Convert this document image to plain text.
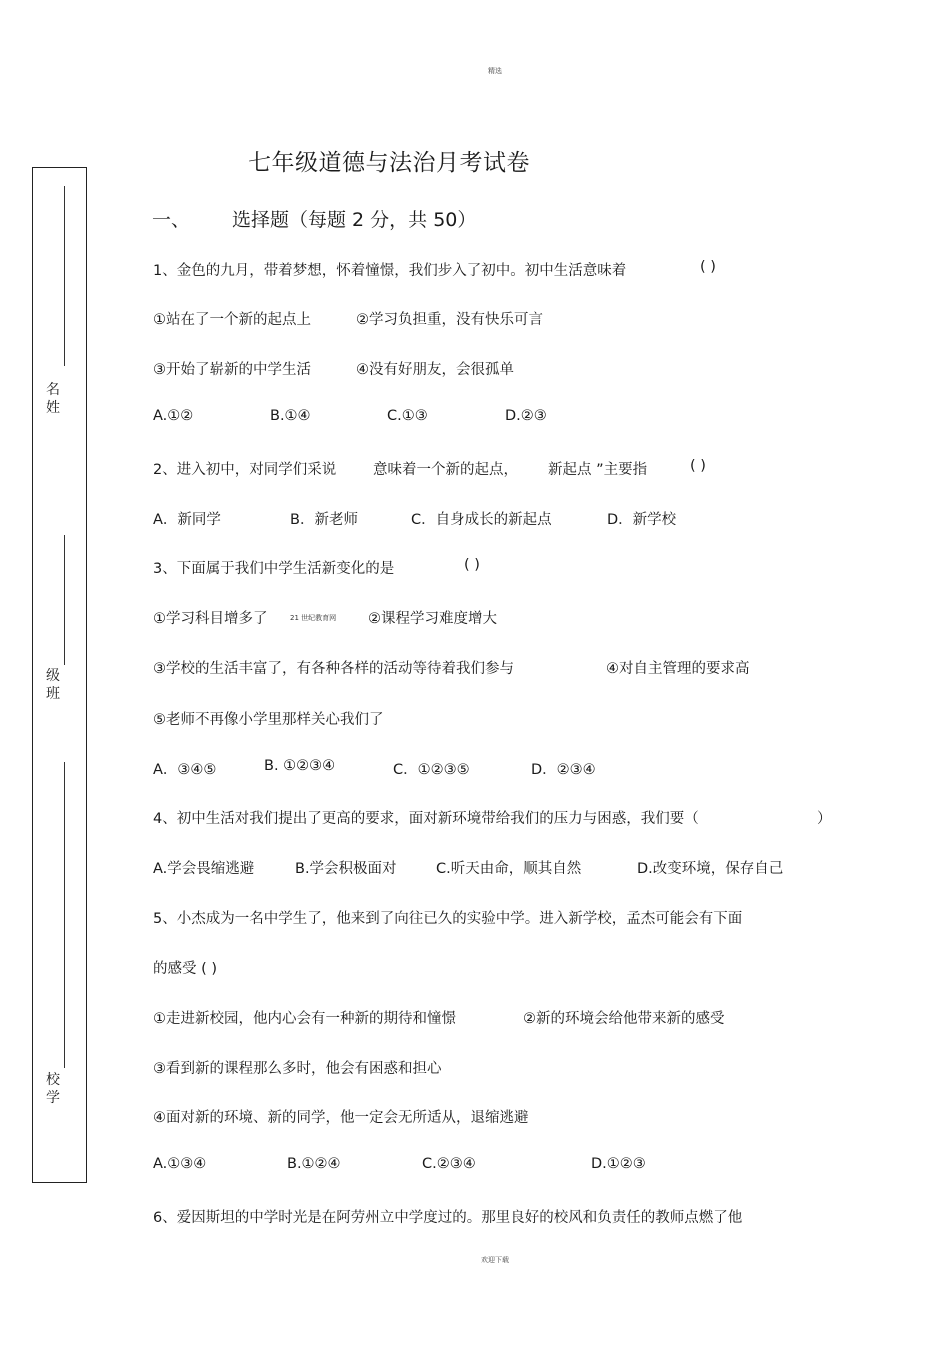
精选
欢迎下载
名
姓
级
班
校
学
七年级道德与法治月考试卷
一、 选择题（每题 2 分，共 50）
1、金色的九月，带着梦想，怀着憧憬，我们步入了初中。初中生活意味着	( )
①站在了一个新的起点上	②学习负担重，没有快乐可言
③开始了崭新的中学生活	④没有好朋友，会很孤单
A.①②	B.①④	C.①③	D.②③
2、进入初中，对同学们采说	意味着一个新的起点， 新起点 ”主要指	( )
A．新同学	B．新老师	C．自身成长的新起点	D．新学校
3、下面属于我们中学生活新变化的是	( )
①学习科目增多了	21 世纪教育网 ②课程学习难度增大
③学校的生活丰富了，有各种各样的活动等待着我们参与	④对自主管理的要求高
⑤老师不再像小学里那样关心我们了
A．③④⑤	B. ①②③④	C．①②③⑤	D．②③④
4、初中生活对我们提出了更高的要求，面对新环境带给我们的压力与困惑，我们要（	）
A.学会畏缩逃避	B.学会积极面对	C.听天由命，顺其自然	D.改变环境，保存自己
5、小杰成为一名中学生了，他来到了向往已久的实验中学。进入新学校，孟杰可能会有下面
的感受 ( )
①走进新校园，他内心会有一种新的期待和憧憬	②新的环境会给他带来新的感受
③看到新的课程那么多时，他会有困惑和担心
④面对新的环境、新的同学，他一定会无所适从，退缩逃避
A.①③④	B.①②④	C.②③④	D.①②③
6、爱因斯坦的中学时光是在阿劳州立中学度过的。那里良好的校风和负责任的教师点燃了他
